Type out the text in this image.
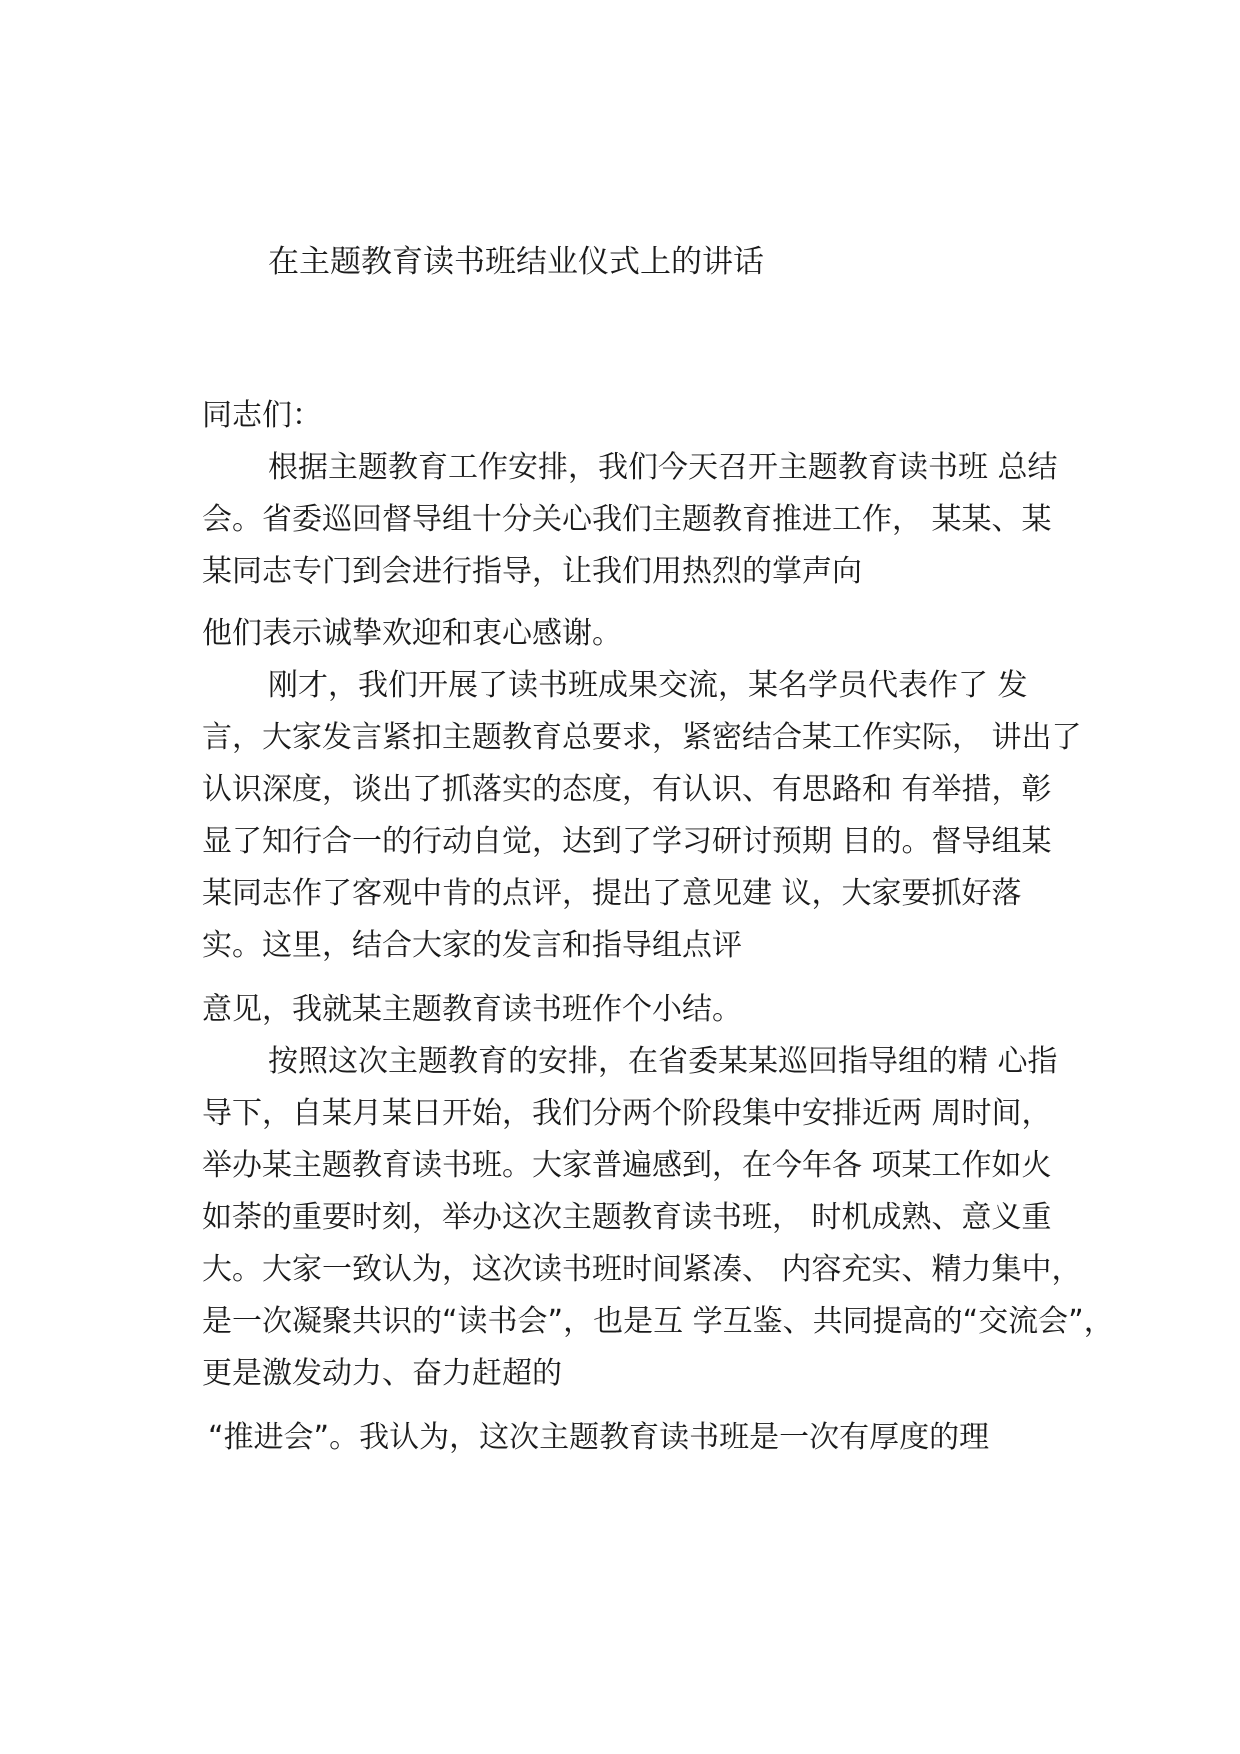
在主题教育读书班结业仪式上的讲话
同志们：
根据主题教育工作安排，我们今天召开主题教育读书班 总结
会。省委巡回督导组十分关心我们主题教育推进工作， 某某、某
某同志专门到会进行指导，让我们用热烈的掌声向
他们表示诚挚欢迎和衷心感谢。
刚才，我们开展了读书班成果交流，某名学员代表作了 发
言，大家发言紧扣主题教育总要求，紧密结合某工作实际， 讲出了
认识深度，谈出了抓落实的态度，有认识、有思路和 有举措，彰
显了知行合一的行动自觉，达到了学习研讨预期 目的。督导组某
某同志作了客观中肯的点评，提出了意见建 议，大家要抓好落
实。这里，结合大家的发言和指导组点评
意见，我就某主题教育读书班作个小结。
按照这次主题教育的安排，在省委某某巡回指导组的精 心指
导下，自某月某日开始，我们分两个阶段集中安排近两 周时间，
举办某主题教育读书班。大家普遍感到，在今年各 项某工作如火
如荼的重要时刻，举办这次主题教育读书班， 时机成熟、意义重
大。大家一致认为，这次读书班时间紧凑、 内容充实、精力集中，
是一次凝聚共识的“读书会”，也是互 学互鉴、共同提高的“交流会”，
更是激发动力、奋力赶超的
“推进会”。我认为，这次主题教育读书班是一次有厚度的理
